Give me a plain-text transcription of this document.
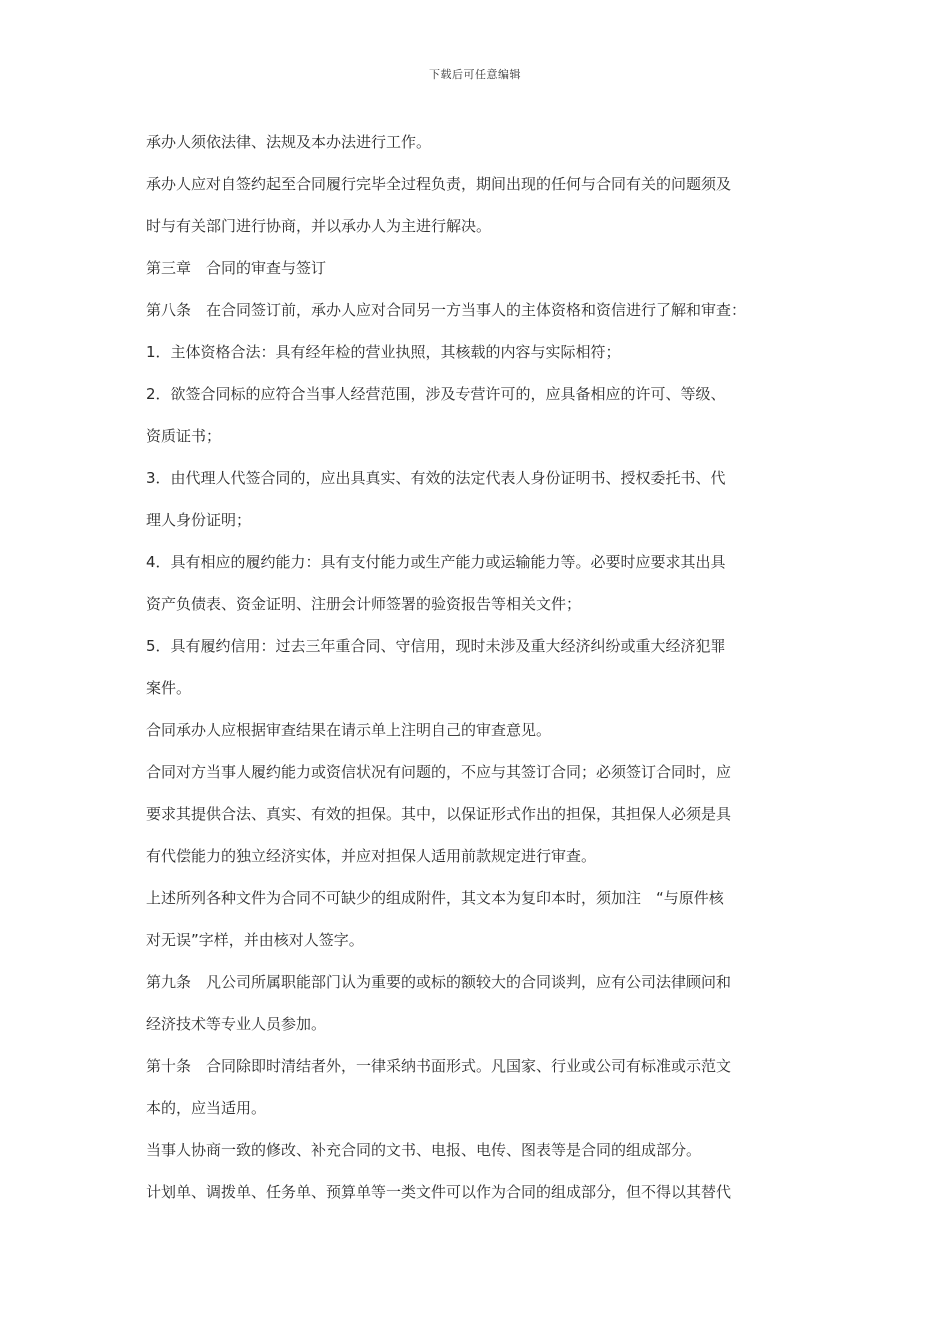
下载后可任意编辑
承办人须依法律、法规及本办法进行工作。
承办人应对自签约起至合同履行完毕全过程负责，期间出现的任何与合同有关的问题须及
时与有关部门进行协商，并以承办人为主进行解决。
第三章　合同的审查与签订
第八条　在合同签订前，承办人应对合同另一方当事人的主体资格和资信进行了解和审查：
1．主体资格合法：具有经年检的营业执照，其核载的内容与实际相符；
2．欲签合同标的应符合当事人经营范围，涉及专营许可的，应具备相应的许可、等级、
资质证书；
3．由代理人代签合同的，应出具真实、有效的法定代表人身份证明书、授权委托书、代
理人身份证明；
4．具有相应的履约能力：具有支付能力或生产能力或运输能力等。必要时应要求其出具
资产负债表、资金证明、注册会计师签署的验资报告等相关文件；
5．具有履约信用：过去三年重合同、守信用，现时未涉及重大经济纠纷或重大经济犯罪
案件。
合同承办人应根据审查结果在请示单上注明自己的审查意见。
合同对方当事人履约能力或资信状况有问题的，不应与其签订合同；必须签订合同时，应
要求其提供合法、真实、有效的担保。其中，以保证形式作出的担保，其担保人必须是具
有代偿能力的独立经济实体，并应对担保人适用前款规定进行审查。
上述所列各种文件为合同不可缺少的组成附件，其文本为复印本时，须加注　“与原件核
对无误”字样，并由核对人签字。
第九条　凡公司所属职能部门认为重要的或标的额较大的合同谈判，应有公司法律顾问和
经济技术等专业人员参加。
第十条　合同除即时清结者外，一律采纳书面形式。凡国家、行业或公司有标准或示范文
本的，应当适用。
当事人协商一致的修改、补充合同的文书、电报、电传、图表等是合同的组成部分。
计划单、调拨单、任务单、预算单等一类文件可以作为合同的组成部分，但不得以其替代
